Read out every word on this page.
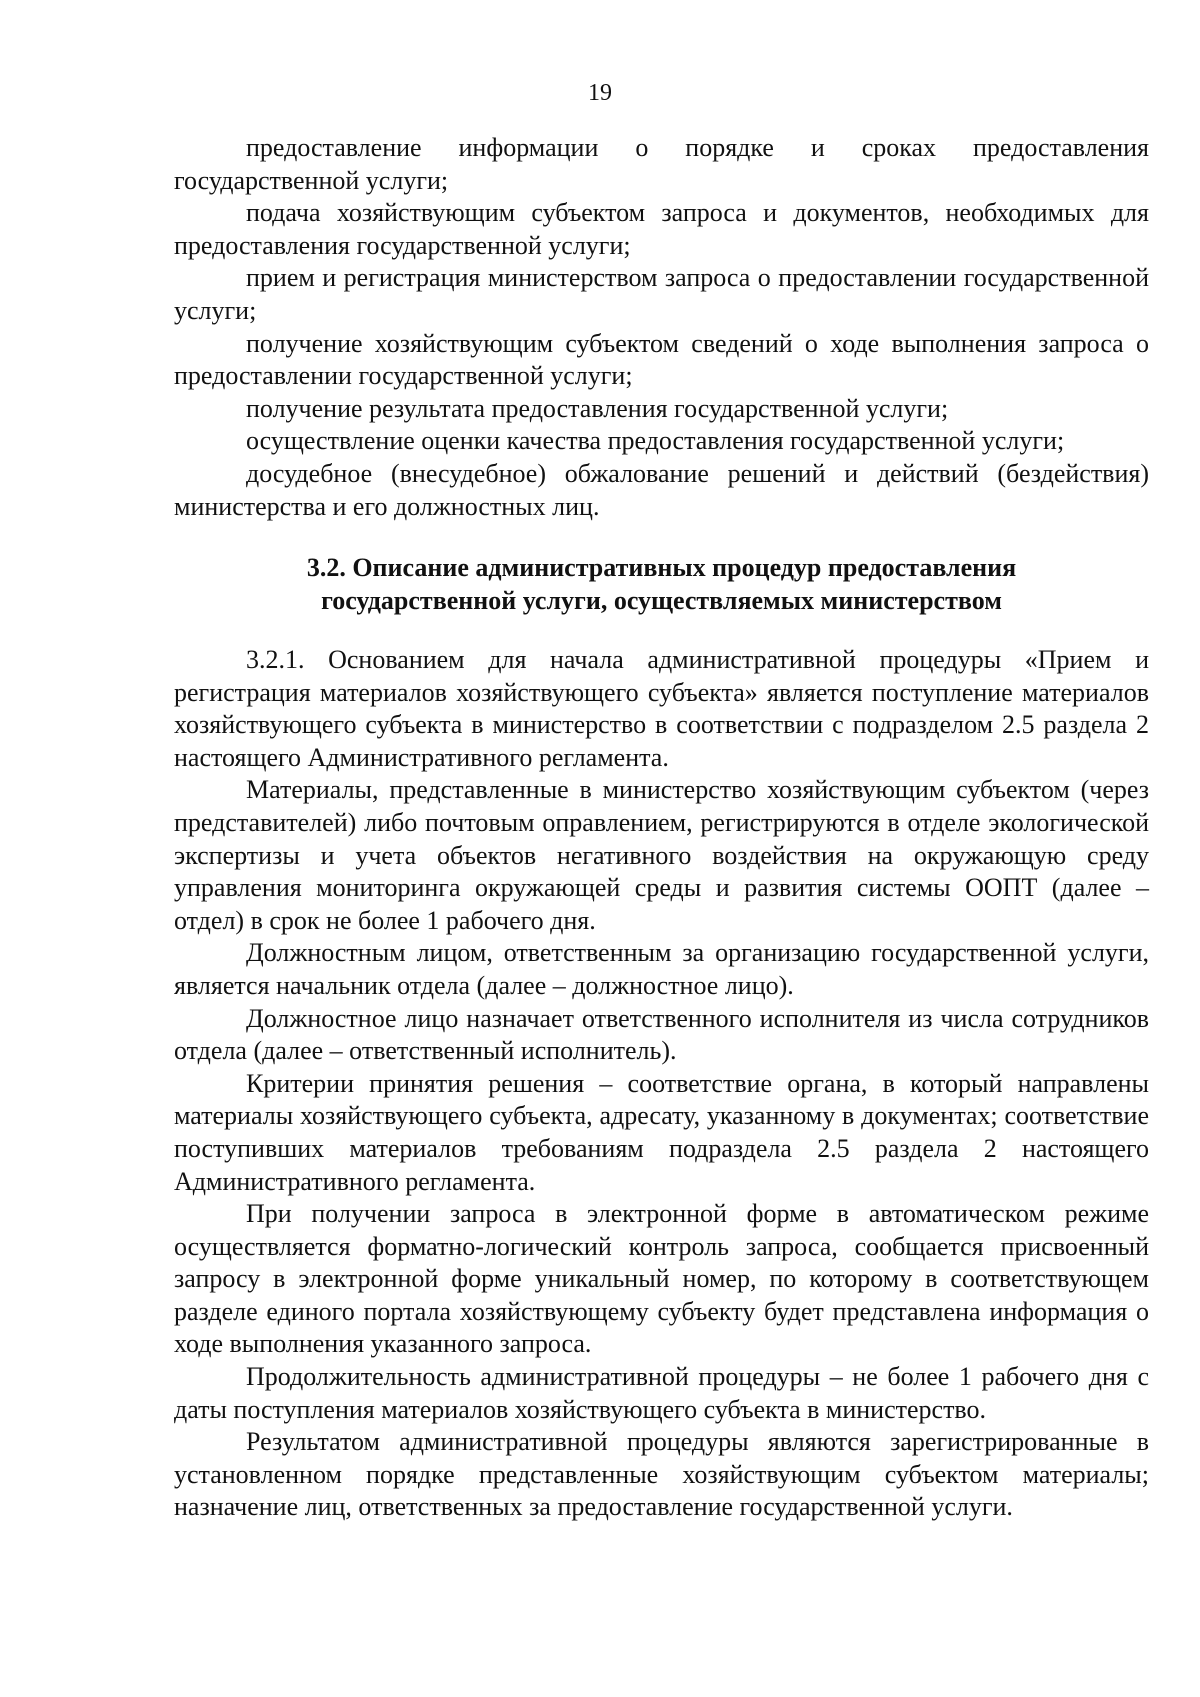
19

предоставление информации о порядке и сроках предоставления государственной услуги;

подача хозяйствующим субъектом запроса и документов, необходимых для предоставления государственной услуги;

прием и регистрация министерством запроса о предоставлении государственной услуги;

получение хозяйствующим субъектом сведений о ходе выполнения запроса о предоставлении государственной услуги;

получение результата предоставления государственной услуги;

осуществление оценки качества предоставления государственной услуги;

досудебное (внесудебное) обжалование решений и действий (бездействия) министерства и его должностных лиц.

3.2. Описание административных процедур предоставления
государственной услуги, осуществляемых министерством

3.2.1. Основанием для начала административной процедуры «Прием и регистрация материалов хозяйствующего субъекта» является поступление материалов хозяйствующего субъекта в министерство в соответствии с подразделом 2.5 раздела 2 настоящего Административного регламента.

Материалы, представленные в министерство хозяйствующим субъектом (через представителей) либо почтовым оправлением, регистрируются в отделе экологической экспертизы и учета объектов негативного воздействия на окружающую среду управления мониторинга окружающей среды и развития системы ООПТ (далее – отдел) в срок не более 1 рабочего дня.

Должностным лицом, ответственным за организацию государственной услуги, является начальник отдела (далее – должностное лицо).

Должностное лицо назначает ответственного исполнителя из числа сотрудников отдела (далее – ответственный исполнитель).

Критерии принятия решения – соответствие органа, в который направлены материалы хозяйствующего субъекта, адресату, указанному в документах; соответствие поступивших материалов требованиям подраздела 2.5 раздела 2 настоящего Административного регламента.

При получении запроса в электронной форме в автоматическом режиме осуществляется форматно-логический контроль запроса, сообщается присвоенный запросу в электронной форме уникальный номер, по которому в соответствующем разделе единого портала хозяйствующему субъекту будет представлена информация о ходе выполнения указанного запроса.

Продолжительность административной процедуры – не более 1 рабочего дня с даты поступления материалов хозяйствующего субъекта в министерство.

Результатом административной процедуры являются зарегистрированные в установленном порядке представленные хозяйствующим субъектом материалы; назначение лиц, ответственных за предоставление государственной услуги.
